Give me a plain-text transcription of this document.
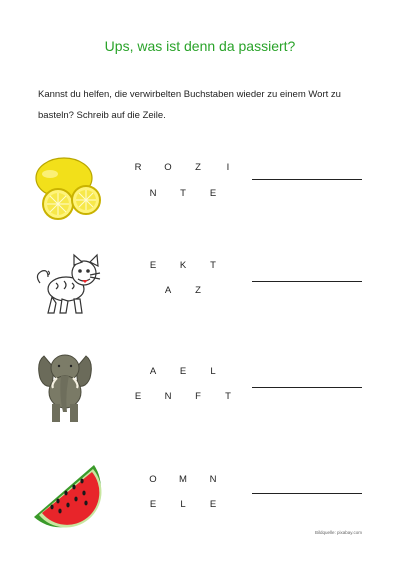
Ups, was ist denn da passiert?
Kannst du helfen, die verwirbelten Buchstaben wieder zu einem Wort zu basteln? Schreib auf die Zeile.
R O Z	I
N T	E
E K	T
A	Z
A E	L
E N F	T
O M N
E	L	E
Bildquelle: pixabay.com
